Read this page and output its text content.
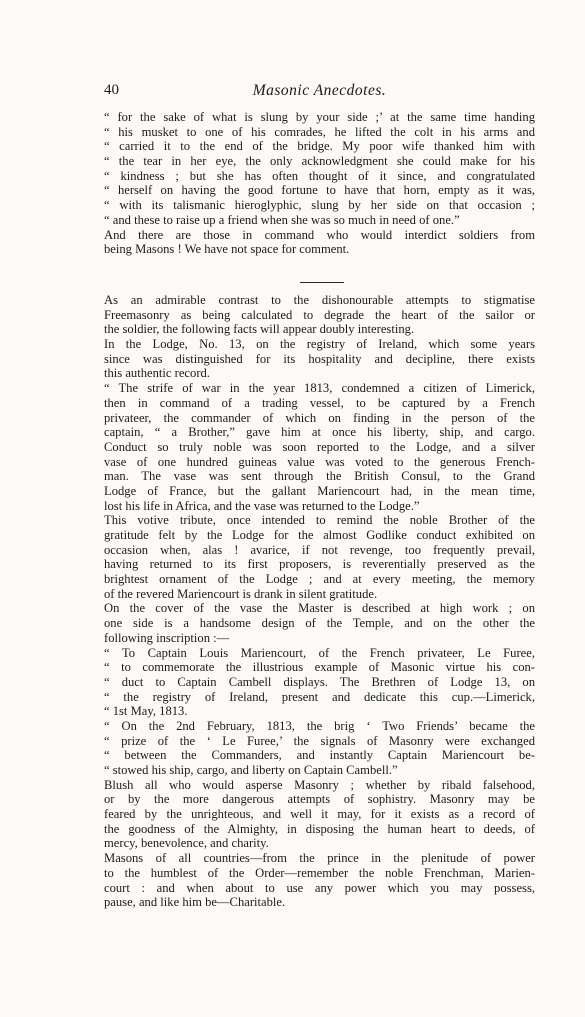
40	Masonic Anecdotes.
“ for the sake of what is slung by your side ;’ at the same time handing
“ his musket to one of his comrades, he lifted the colt in his arms and
“ carried it to the end of the bridge. My poor wife thanked him with
“ the tear in her eye, the only acknowledgment she could make for his
“ kindness ; but she has often thought of it since, and congratulated
“ herself on having the good fortune to have that horn, empty as it was,
“ with its talismanic hieroglyphic, slung by her side on that occasion ;
“ and these to raise up a friend when she was so much in need of one.”
And there are those in command who would interdict soldiers from
being Masons ! We have not space for comment.
As an admirable contrast to the dishonourable attempts to stigmatise
Freemasonry as being calculated to degrade the heart of the sailor or
the soldier, the following facts will appear doubly interesting.
In the Lodge, No. 13, on the registry of Ireland, which some years
since was distinguished for its hospitality and decipline, there exists
this authentic record.
“ The strife of war in the year 1813, condemned a citizen of Limerick,
then in command of a trading vessel, to be captured by a French
privateer, the commander of which on finding in the person of the
captain, “ a Brother,” gave him at once his liberty, ship, and cargo.
Conduct so truly noble was soon reported to the Lodge, and a silver
vase of one hundred guineas value was voted to the generous French-
man. The vase was sent through the British Consul, to the Grand
Lodge of France, but the gallant Mariencourt had, in the mean time,
lost his life in Africa, and the vase was returned to the Lodge.”
This votive tribute, once intended to remind the noble Brother of the
gratitude felt by the Lodge for the almost Godlike conduct exhibited on
occasion when, alas ! avarice, if not revenge, too frequently prevail,
having returned to its first proposers, is reverentially preserved as the
brightest ornament of the Lodge ; and at every meeting, the memory
of the revered Mariencourt is drank in silent gratitude.
On the cover of the vase the Master is described at high work ; on
one side is a handsome design of the Temple, and on the other the
following inscription :—
“ To Captain Louis Mariencourt, of the French privateer, Le Furee,
“ to commemorate the illustrious example of Masonic virtue his con-
“ duct to Captain Cambell displays. The Brethren of Lodge 13, on
“ the registry of Ireland, present and dedicate this cup.—Limerick,
“ 1st May, 1813.
“ On the 2nd February, 1813, the brig ‘ Two Friends’ became the
“ prize of the ‘ Le Furee,’ the signals of Masonry were exchanged
“ between the Commanders, and instantly Captain Mariencourt be-
“ stowed his ship, cargo, and liberty on Captain Cambell.”
Blush all who would asperse Masonry ; whether by ribald falsehood,
or by the more dangerous attempts of sophistry. Masonry may be
feared by the unrighteous, and well it may, for it exists as a record of
the goodness of the Almighty, in disposing the human heart to deeds, of
mercy, benevolence, and charity.
Masons of all countries—from the prince in the plenitude of power
to the humblest of the Order—remember the noble Frenchman, Marien-
court : and when about to use any power which you may possess,
pause, and like him be—Charitable.
